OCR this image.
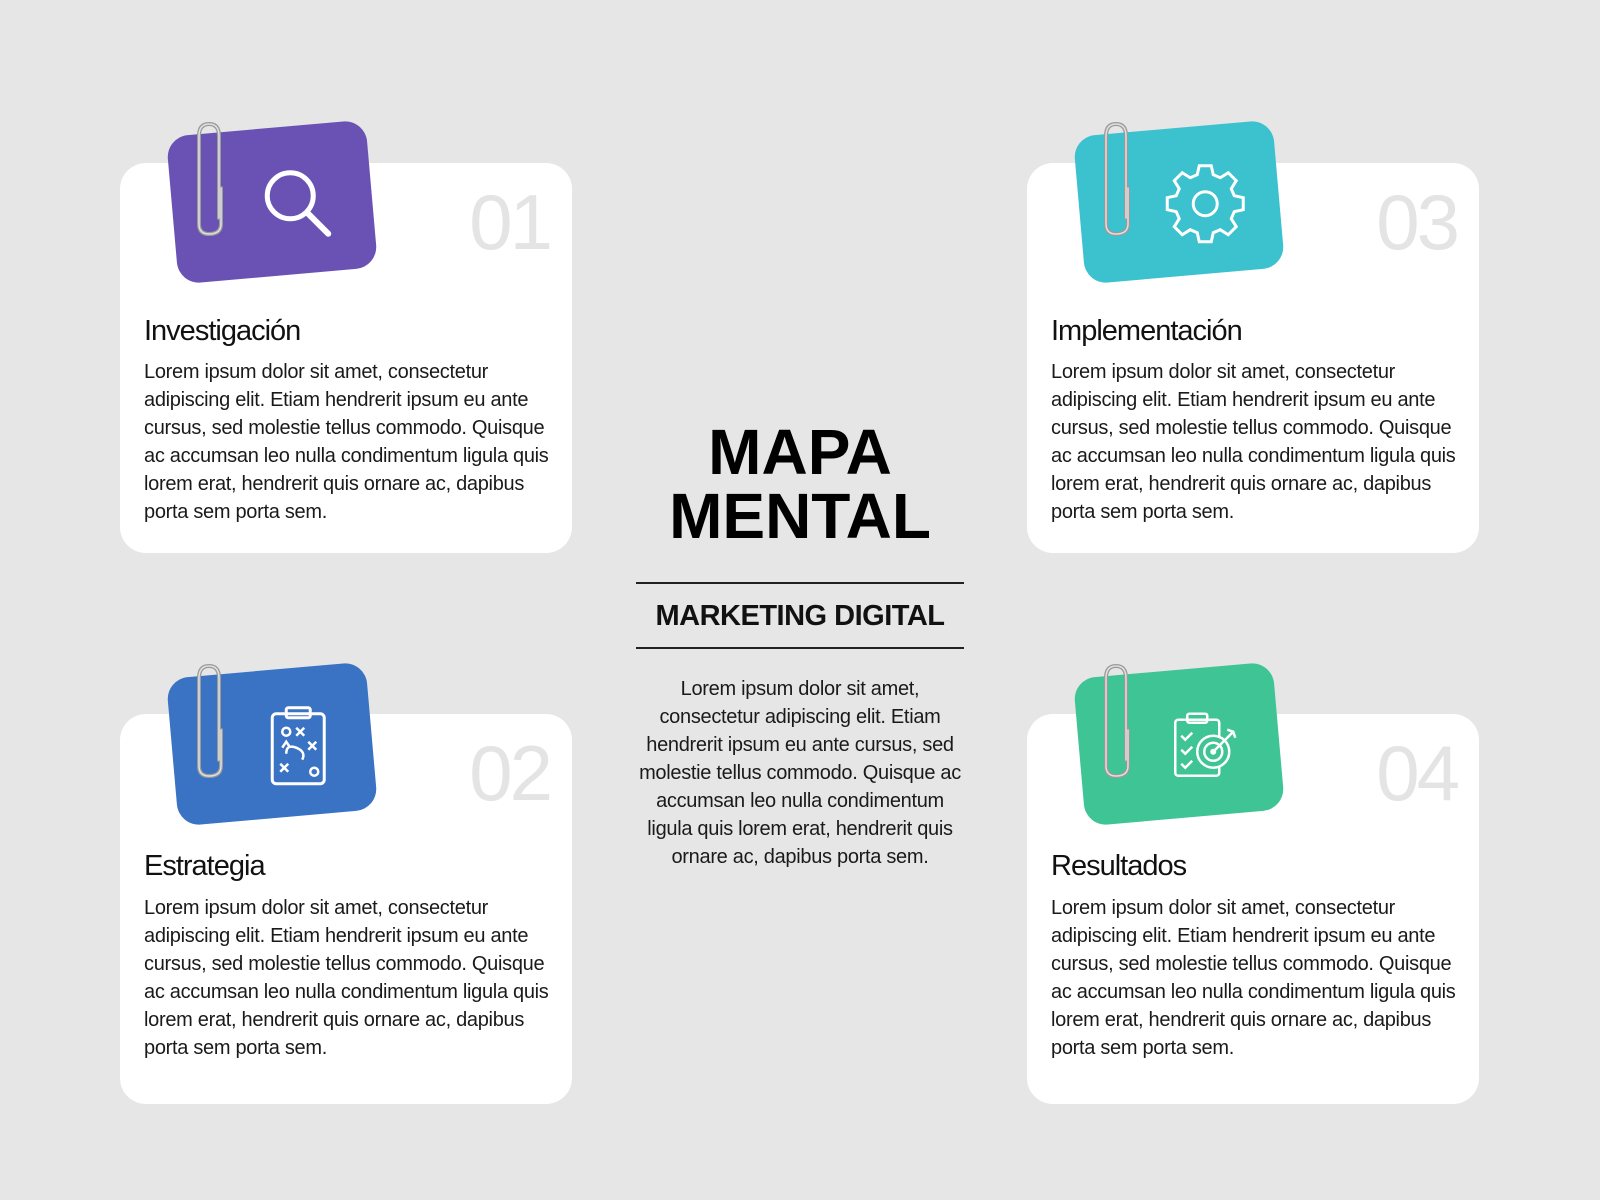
01
Investigación
Lorem ipsum dolor sit amet, consectetur adipiscing elit. Etiam hendrerit ipsum eu ante cursus, sed molestie tellus commodo. Quisque ac accumsan leo nulla condimentum ligula quis lorem erat, hendrerit quis ornare ac, dapibus porta sem porta sem.
02
Estrategia
Lorem ipsum dolor sit amet, consectetur adipiscing elit. Etiam hendrerit ipsum eu ante cursus, sed molestie tellus commodo. Quisque ac accumsan leo nulla condimentum ligula quis lorem erat, hendrerit quis ornare ac, dapibus porta sem porta sem.
03
Implementación
Lorem ipsum dolor sit amet, consectetur adipiscing elit. Etiam hendrerit ipsum eu ante cursus, sed molestie tellus commodo. Quisque ac accumsan leo nulla condimentum ligula quis lorem erat, hendrerit quis ornare ac, dapibus porta sem porta sem.
04
Resultados
Lorem ipsum dolor sit amet, consectetur adipiscing elit. Etiam hendrerit ipsum eu ante cursus, sed molestie tellus commodo. Quisque ac accumsan leo nulla condimentum ligula quis lorem erat, hendrerit quis ornare ac, dapibus porta sem porta sem.
MAPA
MENTAL
MARKETING DIGITAL
Lorem ipsum dolor sit amet, consectetur adipiscing elit. Etiam hendrerit ipsum eu ante cursus, sed molestie tellus commodo. Quisque ac accumsan leo nulla condimentum ligula quis lorem erat, hendrerit quis ornare ac, dapibus porta sem.
